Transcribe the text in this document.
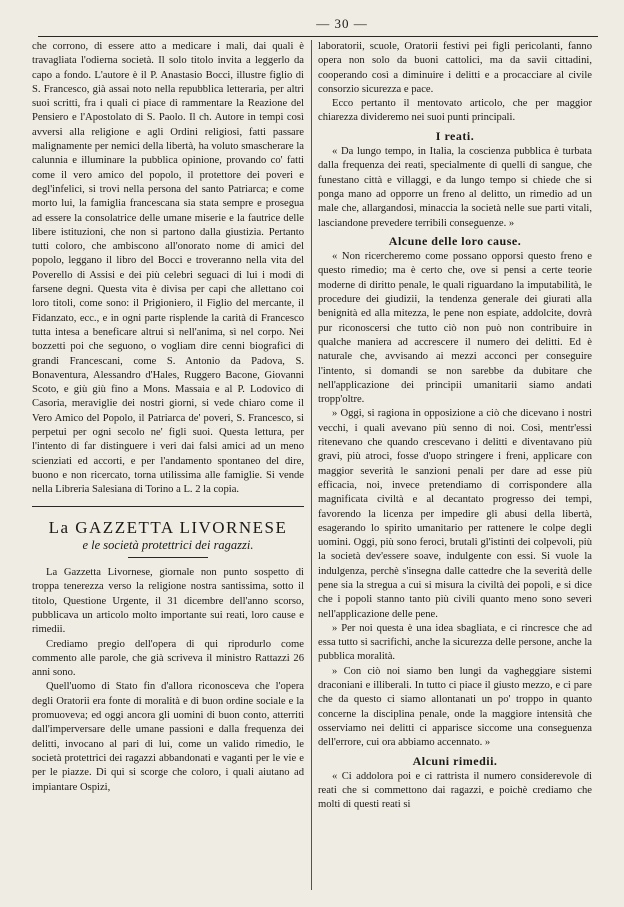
— 30 —

che corrono, di essere atto a medicare i mali, dai quali è travagliata l'odierna società. Il solo titolo invita a leggerlo da capo a fondo. L'autore è il P. Anastasio Bocci, illustre figlio di S. Francesco, già assai noto nella repubblica letteraria, per altri suoi scritti, fra i quali ci piace di rammentare la Reazione del Pensiero e l'Apostolato di S. Paolo. Il ch. Autore in tempi così avversi alla religione e agli Ordini religiosi, fatti passare malignamente per nemici della libertà, ha voluto smascherare la calunnia e illuminare la pubblica opinione, provando co' fatti come il vero amico del popolo, il protettore dei poveri e degl'infelici, si trovi nella persona del santo Patriarca; e come morto lui, la famiglia francescana sia stata sempre e prosegua ad essere la consolatrice delle umane miserie e la fautrice delle libere istituzioni, che non si partono dalla giustizia. Pertanto tutti coloro, che ambiscono all'onorato nome di amici del popolo, leggano il libro del Bocci e troveranno nella vita del Poverello di Assisi e dei più celebri seguaci di lui i modi di farsene degni. Questa vita è divisa per capi che allettano coi loro titoli, come sono: il Prigioniero, il Figlio del mercante, il Fidanzato, ecc., e in ogni parte risplende la carità di Francesco tutta intesa a beneficare altrui sì nell'anima, sì nel corpo. Nei bozzetti poi che seguono, o vogliam dire cenni biografici di grandi Francescani, come S. Antonio da Padova, S. Bonaventura, Alessandro d'Hales, Ruggero Bacone, Giovanni Scoto, e giù giù fino a Mons. Massaia e al P. Lodovico di Casoria, meraviglie dei nostri giorni, si vede chiaro come il Vero Amico del Popolo, il Patriarca de' poveri, S. Francesco, si perpetui per ogni secolo ne' figli suoi. Questa lettura, per l'intento di far distinguere i veri dai falsi amici ad un meno scienziati ed accorti, e per l'andamento spontaneo del dire, buono e non ricercato, torna utilissima alle famiglie. Si vende nella Libreria Salesiana di Torino a L. 2 la copia.

La GAZZETTA LIVORNESE
e le società protettrici dei ragazzi.

La Gazzetta Livornese, giornale non punto sospetto di troppa tenerezza verso la religione nostra santissima, sotto il titolo, Questione Urgente, il 31 dicembre dell'anno scorso, pubblicava un articolo molto importante sui reati, loro cause e rimedii.

Crediamo pregio dell'opera di qui riprodurlo come commento alle parole, che già scriveva il ministro Rattazzi 26 anni sono.

Quell'uomo di Stato fin d'allora riconosceva che l'opera degli Oratorii era fonte di moralità e di buon ordine sociale e la promuoveva; ed oggi ancora gli uomini di buon conto, atterriti dall'imperversare delle umane passioni e dalla frequenza dei delitti, invocano al pari di lui, come un valido rimedio, le società protettrici dei ragazzi abbandonati e vaganti per le vie e per le piazze. Di qui si scorge che coloro, i quali aiutano ad impiantare Ospizi,

laboratorii, scuole, Oratorii festivi pei figli pericolanti, fanno opera non solo da buoni cattolici, ma da savii cittadini, cooperando così a diminuire i delitti e a procacciare al civile consorzio sicurezza e pace.

Ecco pertanto il mentovato articolo, che per maggior chiarezza divideremo nei suoi punti principali.

I reati.

« Da lungo tempo, in Italia, la coscienza pubblica è turbata dalla frequenza dei reati, specialmente di quelli di sangue, che funestano città e villaggi, e da lungo tempo si chiede che si ponga mano ad opporre un freno al delitto, un rimedio ad un male che, allargandosi, minaccia la società nelle sue parti vitali, lasciandone prevedere terribili conseguenze. »

Alcune delle loro cause.

« Non ricercheremo come possano opporsi questo freno e questo rimedio; ma è certo che, ove si pensi a certe teorie moderne di diritto penale, le quali riguardano la imputabilità, le procedure dei giudizii, la tendenza generale dei giurati alla benignità ed alla mitezza, le pene non espiate, addolcite, dovrà pur riconoscersi che tutto ciò non può non contribuire in qualche maniera ad accrescere il numero dei delitti. Ed è naturale che, avvisando ai mezzi acconci per conseguire l'intento, si domandi se non sarebbe da dubitare che nell'applicazione dei principii umanitarii siamo andati tropp'oltre.

» Oggi, si ragiona in opposizione a ciò che dicevano i nostri vecchi, i quali avevano più senno di noi. Così, mentr'essi ritenevano che quando crescevano i delitti e diventavano più gravi, più atroci, fosse d'uopo stringere i freni, applicare con maggior severità le sanzioni penali per dare ad esse più efficacia, noi, invece pretendiamo di corrispondere alla magnificata civiltà e al decantato progresso dei tempi, favorendo la licenza per impedire gli abusi della libertà, esagerando lo spirito umanitario per rattenere le colpe degli uomini. Oggi, più sono feroci, brutali gl'istinti dei colpevoli, più la società dev'essere soave, indulgente con essi. Si vuole la indulgenza, perchè s'insegna dalle cattedre che la severità delle pene sia la stregua a cui si misura la civiltà dei popoli, e si dice che i popoli stanno tanto più civili quanto meno sono severi nell'applicazione delle pene.

» Per noi questa è una idea sbagliata, e ci rincresce che ad essa tutto si sacrifichi, anche la sicurezza delle persone, anche la pubblica moralità.

» Con ciò noi siamo ben lungi da vagheggiare sistemi draconiani e illiberali. In tutto ci piace il giusto mezzo, e ci pare che da questo ci siamo allontanati un po' troppo in quanto concerne la disciplina penale, onde la maggiore intensità che osserviamo nei delitti ci apparisce siccome una conseguenza dell'errore, cui ora abbiamo accennato. »

Alcuni rimedii.

« Ci addolora poi e ci rattrista il numero considerevole di reati che si commettono dai ragazzi, e poichè crediamo che molti di questi reati si
